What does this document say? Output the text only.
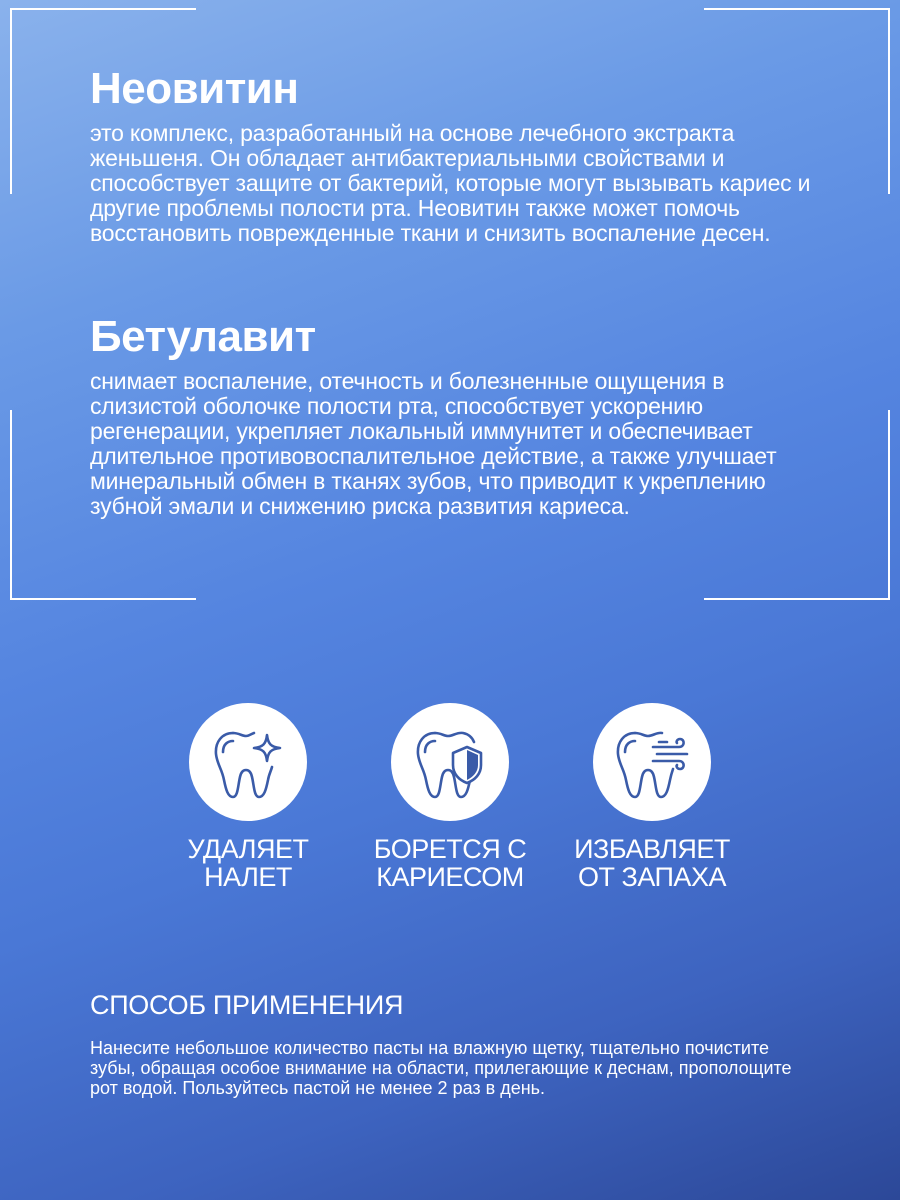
Неовитин

это комплекс, разработанный на основе лечебного экстракта женьшеня. Он обладает антибактериальными свойствами и способствует защите от бактерий, которые могут вызывать кариес и другие проблемы полости рта. Неовитин также может помочь восстановить поврежденные ткани и снизить воспаление десен.

Бетулавит

снимает воспаление, отечность и болезненные ощущения в слизистой оболочке полости рта, способствует ускорению регенерации, укрепляет локальный иммунитет и обеспечивает длительное противовоспалительное действие, а также улучшает минеральный обмен в тканях зубов, что приводит к укреплению зубной эмали и снижению риска развития кариеса.

УДАЛЯЕТ
НАЛЕТ
БОРЕТСЯ С
КАРИЕСОМ
ИЗБАВЛЯЕТ
ОТ ЗАПАХА
СПОСОБ ПРИМЕНЕНИЯ

Нанесите небольшое количество пасты на влажную щетку, тщательно почистите зубы, обращая особое внимание на области, прилегающие к деснам, прополощите рот водой. Пользуйтесь пастой не менее 2 раз в день.
